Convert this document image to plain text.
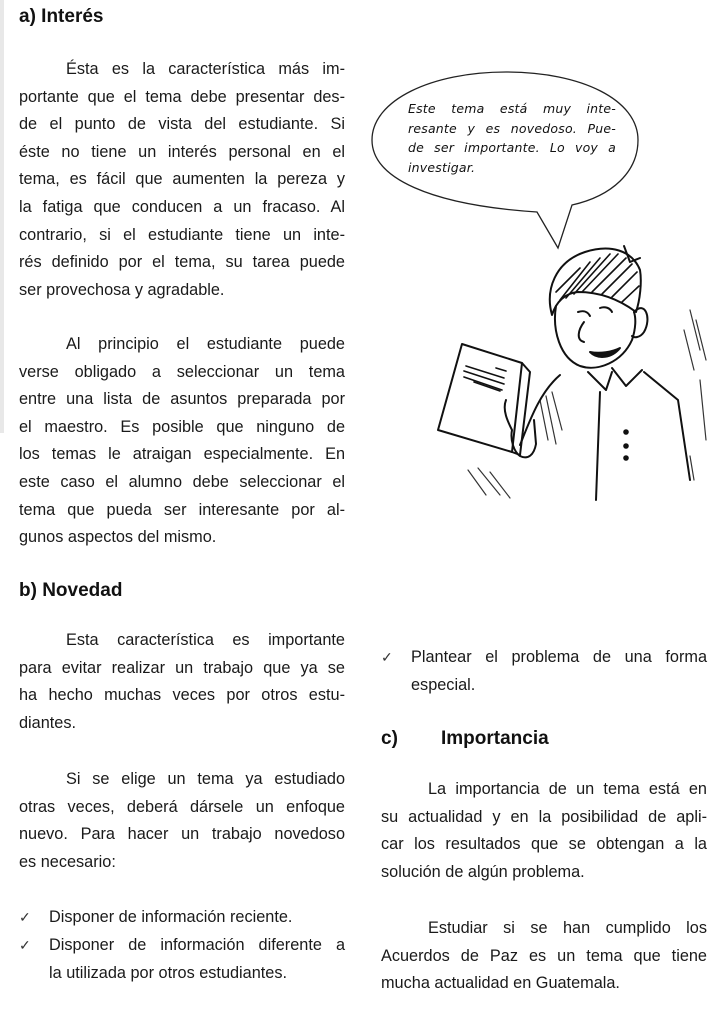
a) Interés
Ésta es la característica más im-
portante que el tema debe presentar des-
de el punto de vista del estudiante. Si
éste no tiene un interés personal en el
tema, es fácil que aumenten la pereza y
la fatiga que conducen a un fracaso. Al
contrario, si el estudiante tiene un inte-
rés definido por el tema, su tarea puede
ser provechosa y agradable.
Al principio el estudiante puede
verse obligado a seleccionar un tema
entre una lista de asuntos preparada por
el maestro. Es posible que ninguno de
los temas le atraigan especialmente. En
este caso el alumno debe seleccionar el
tema que pueda ser interesante por al-
gunos aspectos del mismo.
Este tema está muy inte-
resante y es novedoso. Pue-
de ser importante. Lo voy a
investigar.
b) Novedad
Esta característica es importante
para evitar realizar un trabajo que ya se
ha hecho muchas veces por otros estu-
diantes.
Si se elige un tema ya estudiado
otras veces, deberá dársele un enfoque
nuevo. Para hacer un trabajo novedoso
es necesario:
✓	Disponer de información reciente.
✓	Disponer de información diferente a
la utilizada por otros estudiantes.
✓	Plantear el problema de una forma
especial.
c) Importancia
La importancia de un tema está en
su actualidad y en la posibilidad de apli-
car los resultados que se obtengan a la
solución de algún problema.
Estudiar si se han cumplido los
Acuerdos de Paz es un tema que tiene
mucha actualidad en Guatemala.
